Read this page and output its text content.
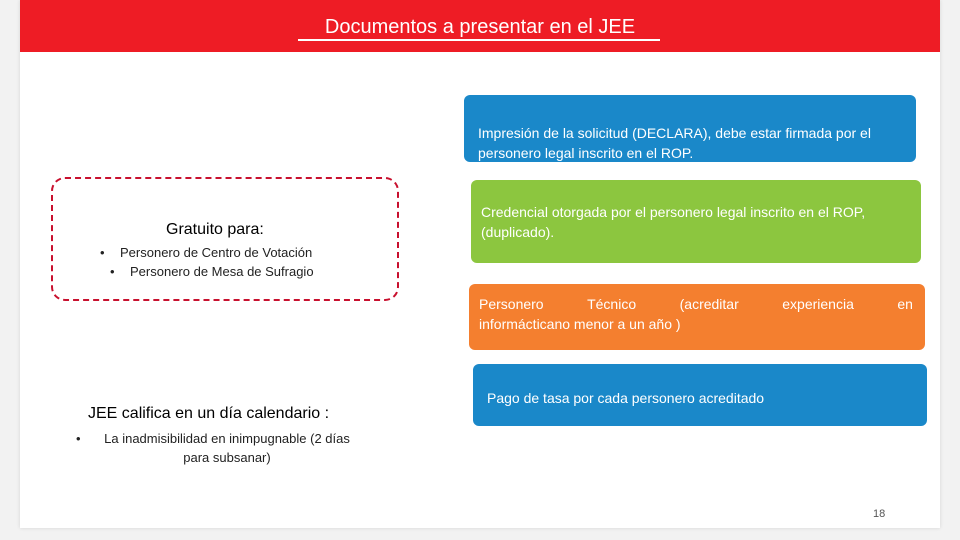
Documentos a presentar en el JEE
Impresión de la solicitud (DECLARA), debe estar firmada por el personero legal inscrito en el ROP.
Credencial otorgada por el personero legal inscrito en el ROP, (duplicado).
Personero	Técnico	(acreditar	experiencia	en
informácticano menor a un año )
Pago de tasa por cada personero acreditado
Gratuito para:
• Personero de Centro de Votación
• Personero de Mesa de Sufragio
JEE califica en un día calendario :
•	La inadmisibilidad en inimpugnable (2 días para subsanar)
18
